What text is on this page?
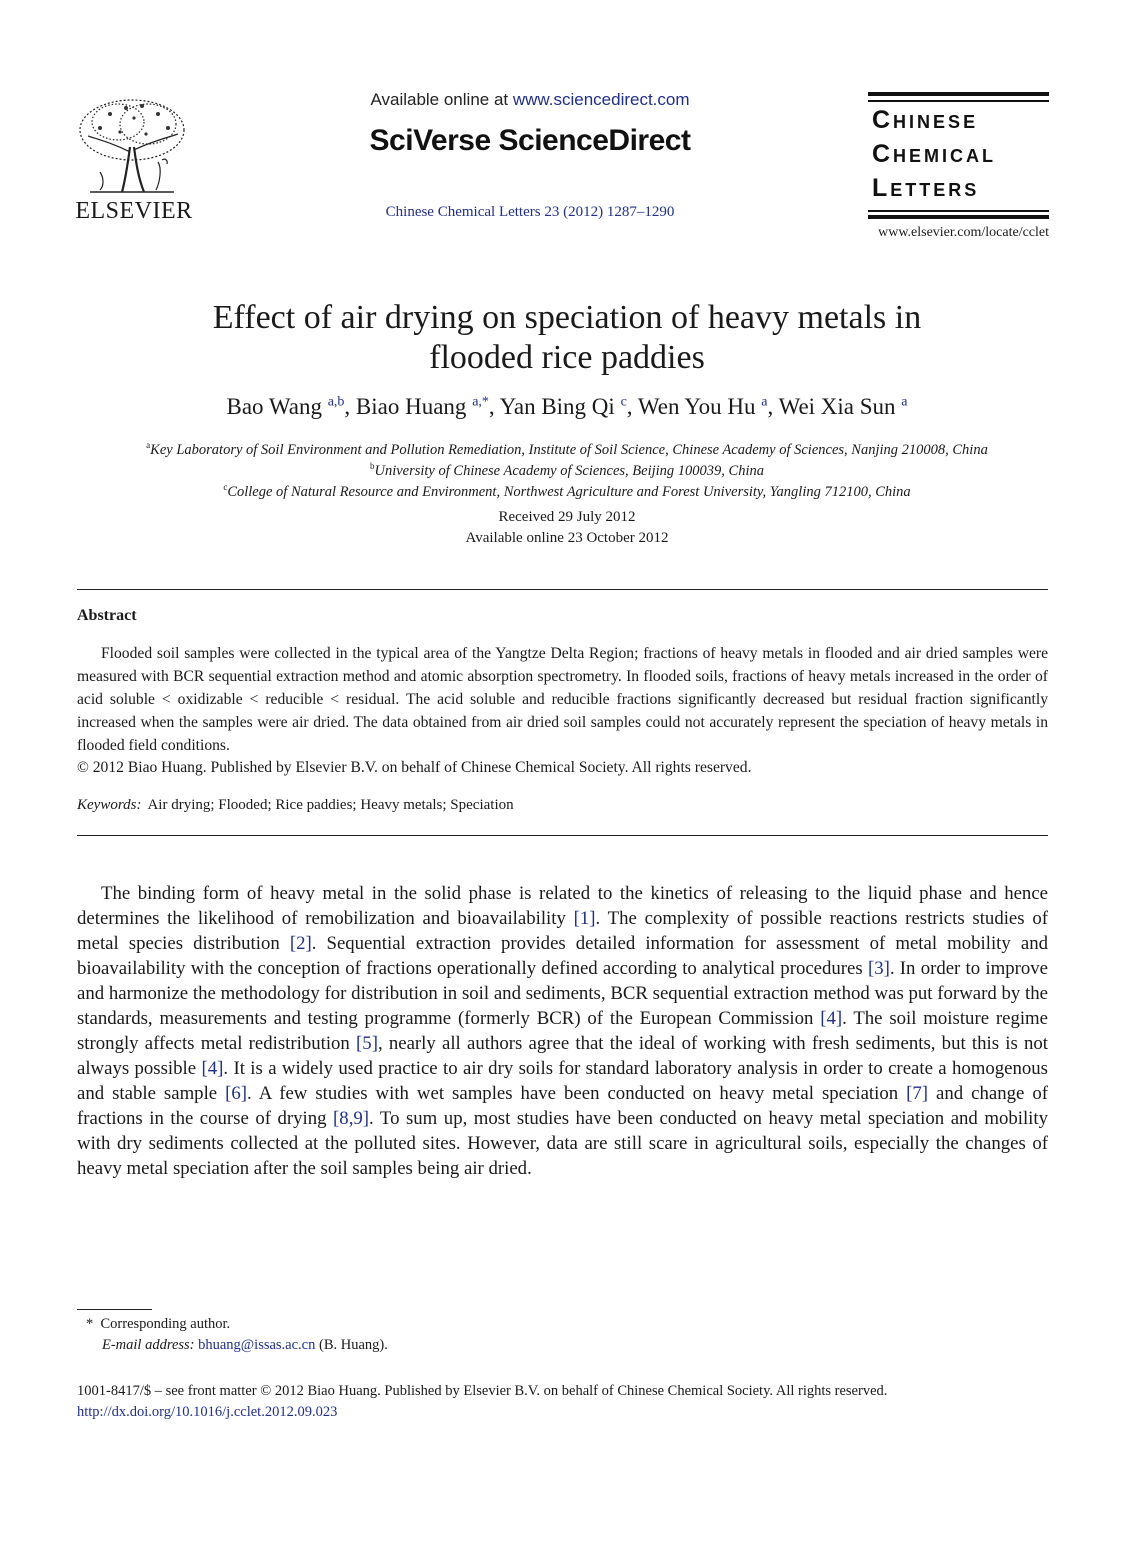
ELSEVIER
Available online at www.sciencedirect.com
SciVerse ScienceDirect
Chinese Chemical Letters 23 (2012) 1287–1290
Chinese
Chemical
Letters
www.elsevier.com/locate/cclet
Effect of air drying on speciation of heavy metals in
flooded rice paddies
Bao Wang $^{a,b}$, Biao Huang $^{a,*}$, Yan Bing Qi $^c$, Wen You Hu $^a$, Wei Xia Sun $^a$
$^a$Key Laboratory of Soil Environment and Pollution Remediation, Institute of Soil Science, Chinese Academy of Sciences, Nanjing 210008, China
$^b$University of Chinese Academy of Sciences, Beijing 100039, China
$^c$College of Natural Resource and Environment, Northwest Agriculture and Forest University, Yangling 712100, China
Received 29 July 2012
Available online 23 October 2012
Abstract
Flooded soil samples were collected in the typical area of the Yangtze Delta Region; fractions of heavy metals in flooded and air dried samples were measured with BCR sequential extraction method and atomic absorption spectrometry. In flooded soils, fractions of heavy metals increased in the order of acid soluble < oxidizable < reducible < residual. The acid soluble and reducible fractions significantly decreased but residual fraction significantly increased when the samples were air dried. The data obtained from air dried soil samples could not accurately represent the speciation of heavy metals in flooded field conditions.
© 2012 Biao Huang. Published by Elsevier B.V. on behalf of Chinese Chemical Society. All rights reserved.
Keywords: Air drying; Flooded; Rice paddies; Heavy metals; Speciation
The binding form of heavy metal in the solid phase is related to the kinetics of releasing to the liquid phase and hence determines the likelihood of remobilization and bioavailability [1]. The complexity of possible reactions restricts studies of metal species distribution [2]. Sequential extraction provides detailed information for assessment of metal mobility and bioavailability with the conception of fractions operationally defined according to analytical procedures [3]. In order to improve and harmonize the methodology for distribution in soil and sediments, BCR sequential extraction method was put forward by the standards, measurements and testing programme (formerly BCR) of the European Commission [4]. The soil moisture regime strongly affects metal redistribution [5], nearly all authors agree that the ideal of working with fresh sediments, but this is not always possible [4]. It is a widely used practice to air dry soils for standard laboratory analysis in order to create a homogenous and stable sample [6]. A few studies with wet samples have been conducted on heavy metal speciation [7] and change of fractions in the course of drying [8,9]. To sum up, most studies have been conducted on heavy metal speciation and mobility with dry sediments collected at the polluted sites. However, data are still scare in agricultural soils, especially the changes of heavy metal speciation after the soil samples being air dried.
* Corresponding author.
E-mail address: bhuang@issas.ac.cn (B. Huang).
1001-8417/$ – see front matter © 2012 Biao Huang. Published by Elsevier B.V. on behalf of Chinese Chemical Society. All rights reserved.
http://dx.doi.org/10.1016/j.cclet.2012.09.023
